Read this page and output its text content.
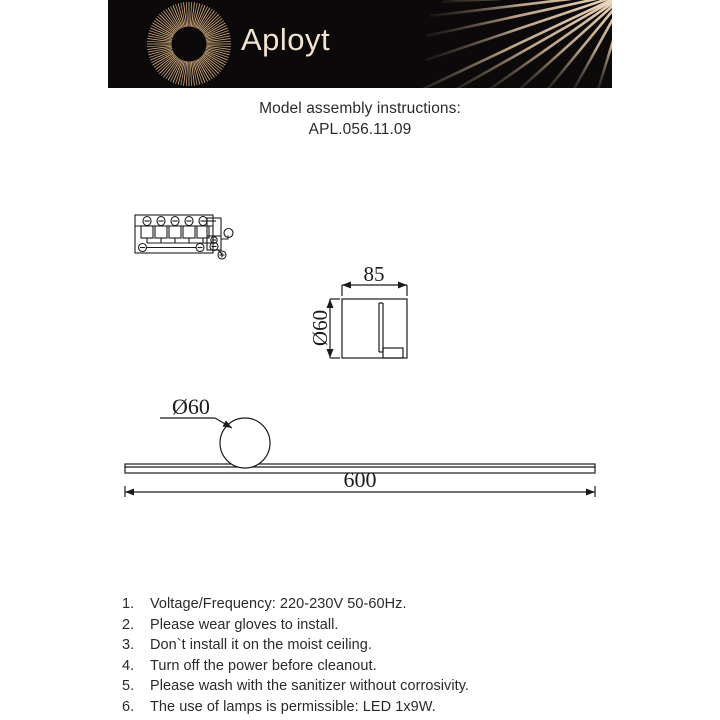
Aployt
Model assembly instructions:
APL.056.11.09
85
Ø60
Ø60
600
1.	Voltage/Frequency: 220-230V 50-60Hz.
2.	Please wear gloves to install.
3.	Don`t install it on the moist ceiling.
4.	Turn off the power before cleanout.
5.	Please wash with the sanitizer without corrosivity.
6.	The use of lamps is permissible: LED 1x9W.
